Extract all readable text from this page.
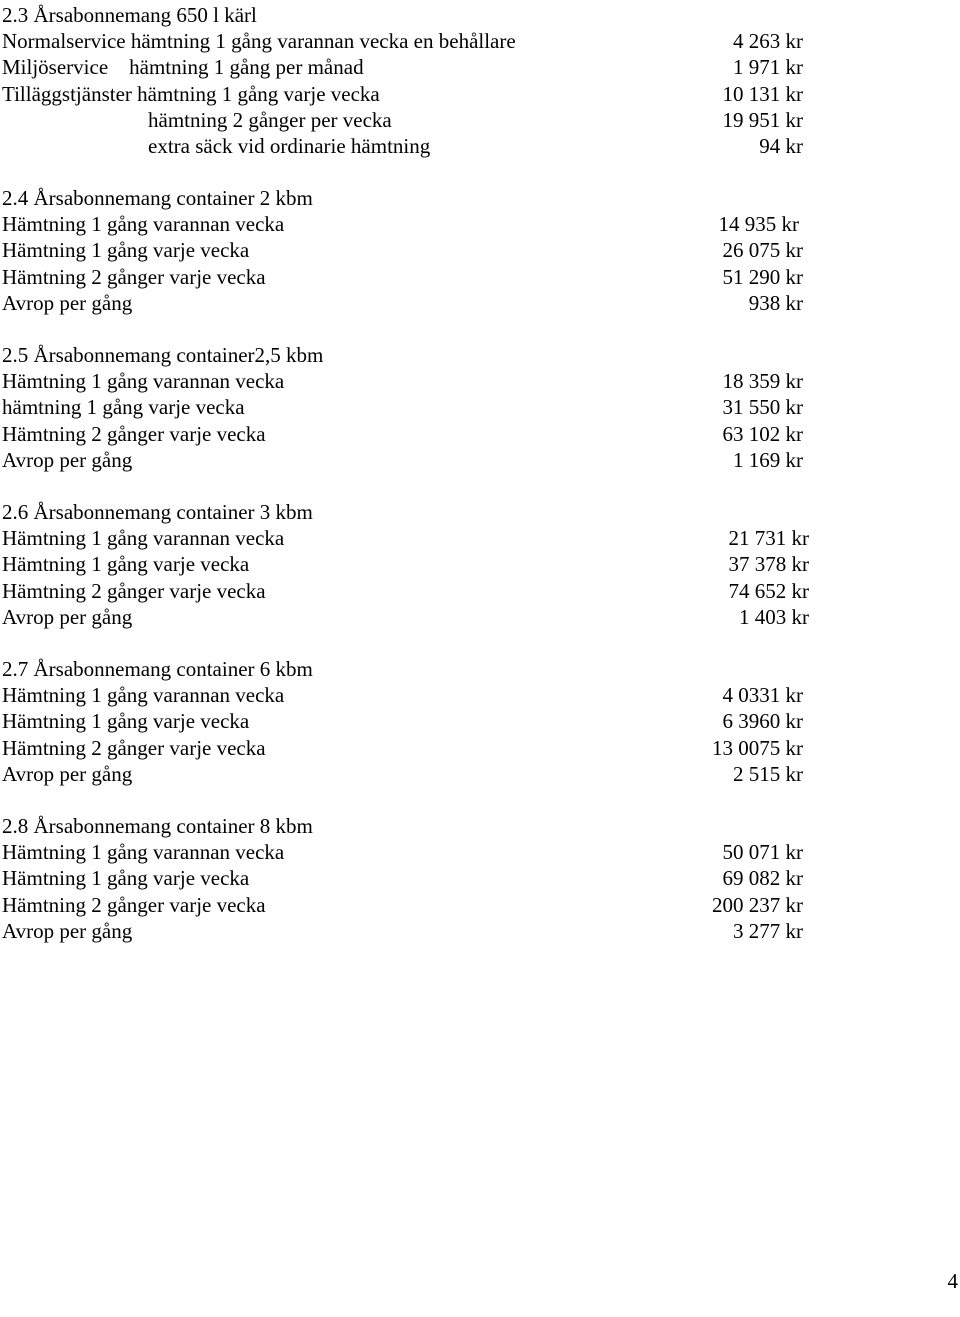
2.3 Årsabonnemang 650 l kärl
Normalservice hämtning 1 gång varannan vecka en behållare	4 263 kr
Miljöservice    hämtning 1 gång per månad	1 971 kr
Tilläggstjänster hämtning 1 gång varje vecka	10 131 kr
hämtning 2 gånger per vecka	19 951 kr
extra säck vid ordinarie hämtning	94 kr
2.4 Årsabonnemang container 2 kbm
Hämtning 1 gång varannan vecka	14 935 kr
Hämtning 1 gång varje vecka	26 075 kr
Hämtning 2 gånger varje vecka	51 290 kr
Avrop per gång	938 kr
2.5 Årsabonnemang container2,5 kbm
Hämtning 1 gång varannan vecka	18 359 kr
hämtning 1 gång varje vecka	31 550 kr
Hämtning 2 gånger varje vecka	63 102 kr
Avrop per gång	1 169 kr
2.6 Årsabonnemang container 3 kbm
Hämtning 1 gång varannan vecka	21 731 kr
Hämtning 1 gång varje vecka	37 378 kr
Hämtning 2 gånger varje vecka	74 652 kr
Avrop per gång	1 403 kr
2.7 Årsabonnemang container 6 kbm
Hämtning 1 gång varannan vecka	4 0331 kr
Hämtning 1 gång varje vecka	6 3960 kr
Hämtning 2 gånger varje vecka	13 0075 kr
Avrop per gång	2 515 kr
2.8 Årsabonnemang container 8 kbm
Hämtning 1 gång varannan vecka	50 071 kr
Hämtning 1 gång varje vecka	69 082 kr
Hämtning 2 gånger varje vecka	200 237 kr
Avrop per gång	3 277 kr
4
